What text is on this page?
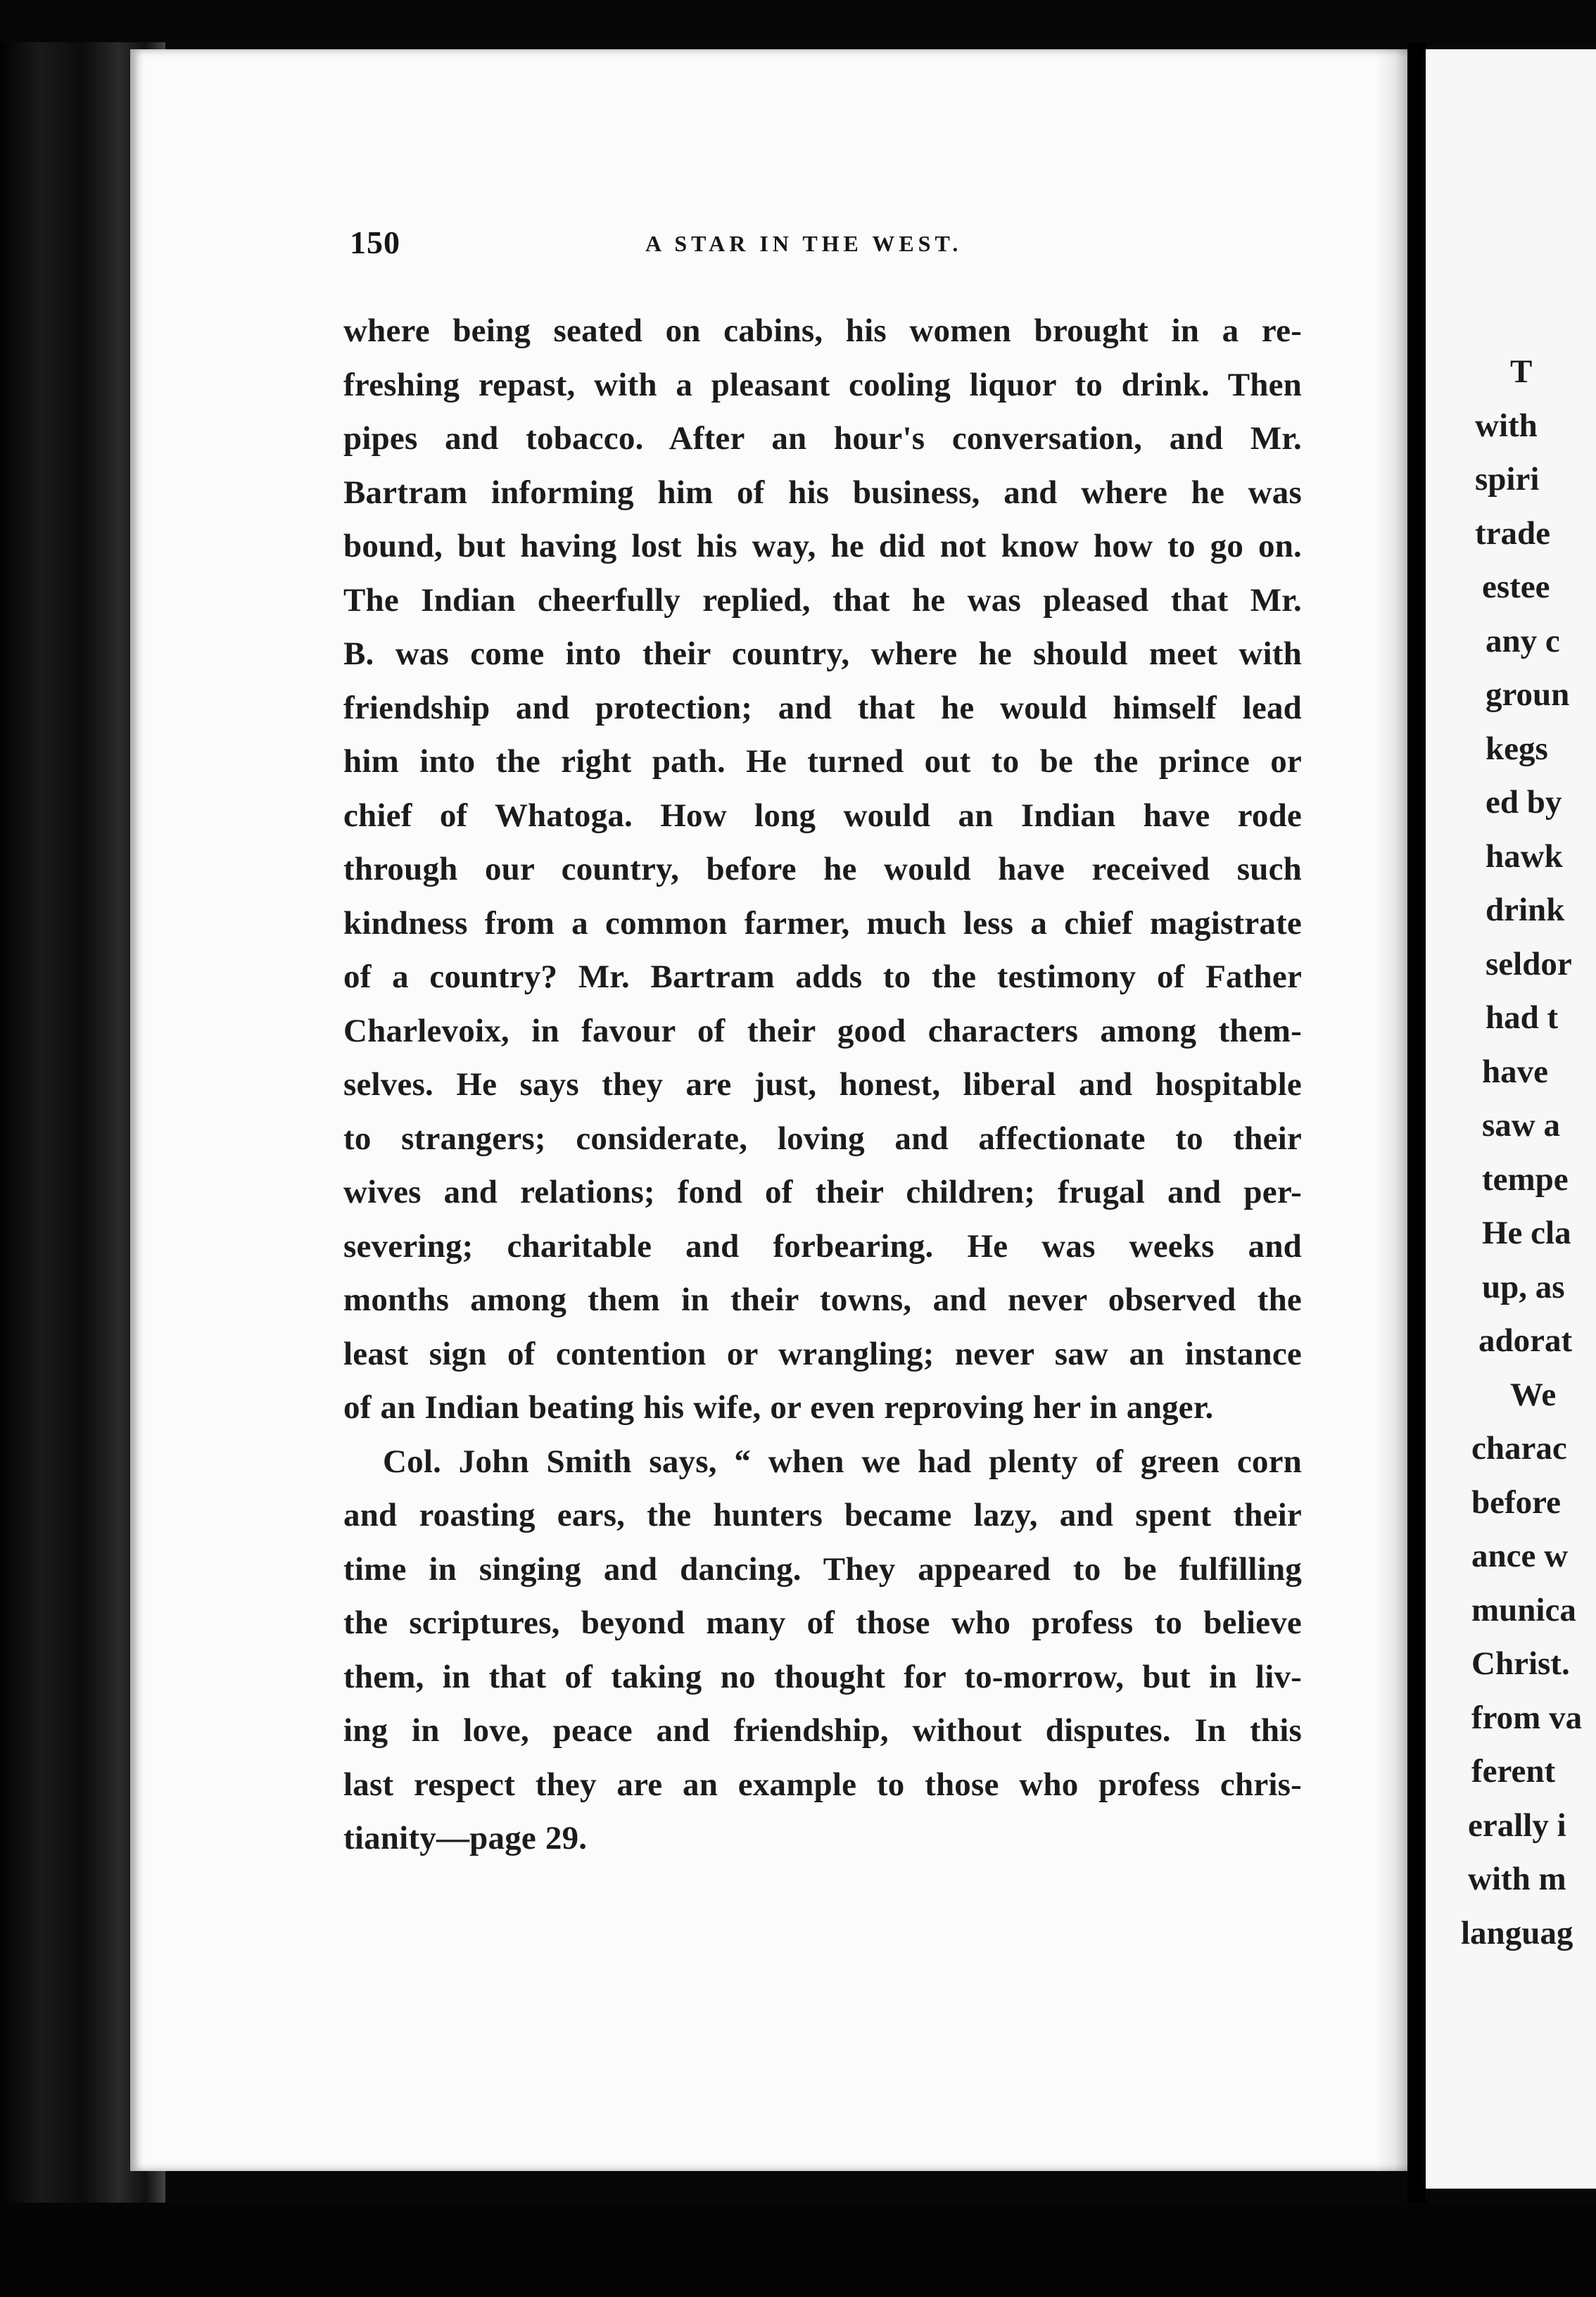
150	A STAR IN THE WEST.
where being seated on cabins, his women brought in a re-
freshing repast, with a pleasant cooling liquor to drink. Then
pipes and tobacco. After an hour's conversation, and Mr.
Bartram informing him of his business, and where he was
bound, but having lost his way, he did not know how to go on.
The Indian cheerfully replied, that he was pleased that Mr.
B. was come into their country, where he should meet with
friendship and protection; and that he would himself lead
him into the right path. He turned out to be the prince or
chief of Whatoga. How long would an Indian have rode
through our country, before he would have received such
kindness from a common farmer, much less a chief magistrate
of a country? Mr. Bartram adds to the testimony of Father
Charlevoix, in favour of their good characters among them-
selves. He says they are just, honest, liberal and hospitable
to strangers; considerate, loving and affectionate to their
wives and relations; fond of their children; frugal and per-
severing; charitable and forbearing. He was weeks and
months among them in their towns, and never observed the
least sign of contention or wrangling; never saw an instance
of an Indian beating his wife, or even reproving her in anger.
Col. John Smith says, “ when we had plenty of green corn
and roasting ears, the hunters became lazy, and spent their
time in singing and dancing. They appeared to be fulfilling
the scriptures, beyond many of those who profess to believe
them, in that of taking no thought for to-morrow, but in liv-
ing in love, peace and friendship, without disputes. In this
last respect they are an example to those who profess chris-
tianity—page 29.
T
with
spiri
trade
estee
any c
groun
kegs
ed by
hawk
drink
seldor
had t
have
saw a
tempe
He cla
up, as
adorat
We
charac
before
ance w
munica
Christ.
from va
ferent
erally i
with m
languag
